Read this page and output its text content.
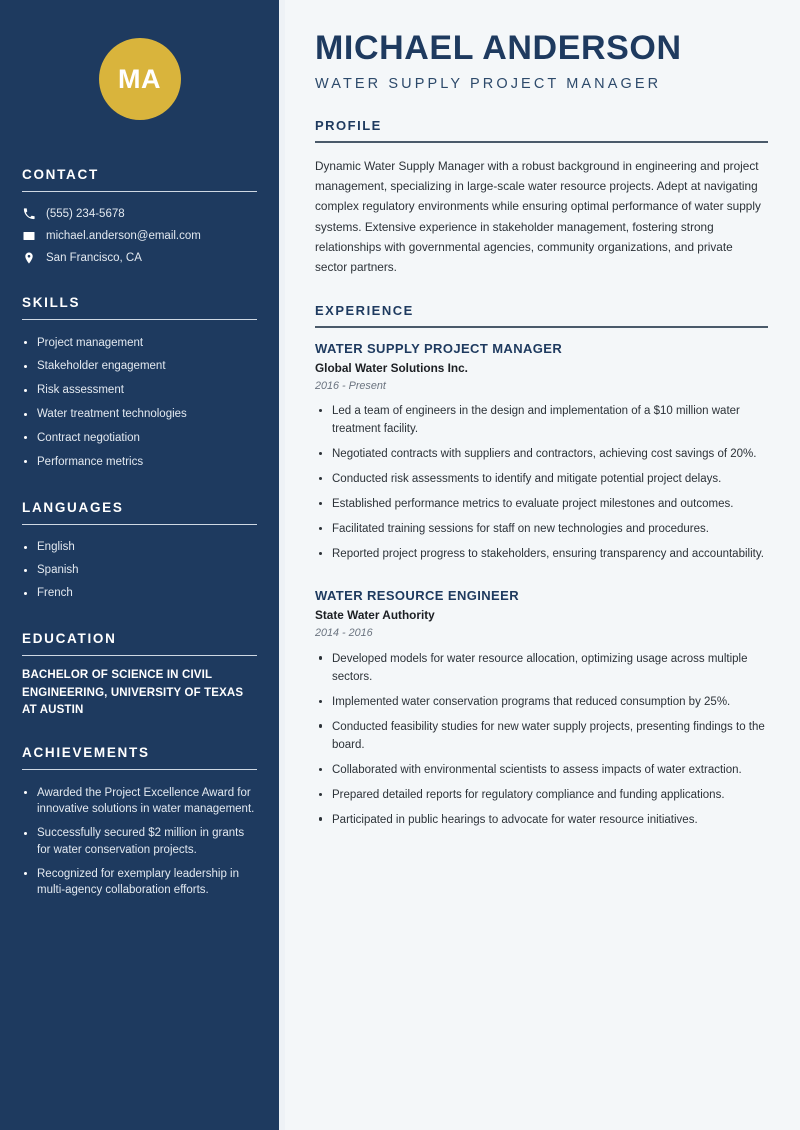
MA
CONTACT
(555) 234-5678
michael.anderson@email.com
San Francisco, CA
SKILLS
Project management
Stakeholder engagement
Risk assessment
Water treatment technologies
Contract negotiation
Performance metrics
LANGUAGES
English
Spanish
French
EDUCATION
BACHELOR OF SCIENCE IN CIVIL ENGINEERING, UNIVERSITY OF TEXAS AT AUSTIN
ACHIEVEMENTS
Awarded the Project Excellence Award for innovative solutions in water management.
Successfully secured $2 million in grants for water conservation projects.
Recognized for exemplary leadership in multi-agency collaboration efforts.
MICHAEL ANDERSON
WATER SUPPLY PROJECT MANAGER
PROFILE

Dynamic Water Supply Manager with a robust background in engineering and project management, specializing in large-scale water resource projects. Adept at navigating complex regulatory environments while ensuring optimal performance of water supply systems. Extensive experience in stakeholder management, fostering strong relationships with governmental agencies, community organizations, and private sector partners.

EXPERIENCE
WATER SUPPLY PROJECT MANAGER
Global Water Solutions Inc.
2016 - Present
Led a team of engineers in the design and implementation of a $10 million water treatment facility.
Negotiated contracts with suppliers and contractors, achieving cost savings of 20%.
Conducted risk assessments to identify and mitigate potential project delays.
Established performance metrics to evaluate project milestones and outcomes.
Facilitated training sessions for staff on new technologies and procedures.
Reported project progress to stakeholders, ensuring transparency and accountability.
WATER RESOURCE ENGINEER
State Water Authority
2014 - 2016
Developed models for water resource allocation, optimizing usage across multiple sectors.
Implemented water conservation programs that reduced consumption by 25%.
Conducted feasibility studies for new water supply projects, presenting findings to the board.
Collaborated with environmental scientists to assess impacts of water extraction.
Prepared detailed reports for regulatory compliance and funding applications.
Participated in public hearings to advocate for water resource initiatives.
